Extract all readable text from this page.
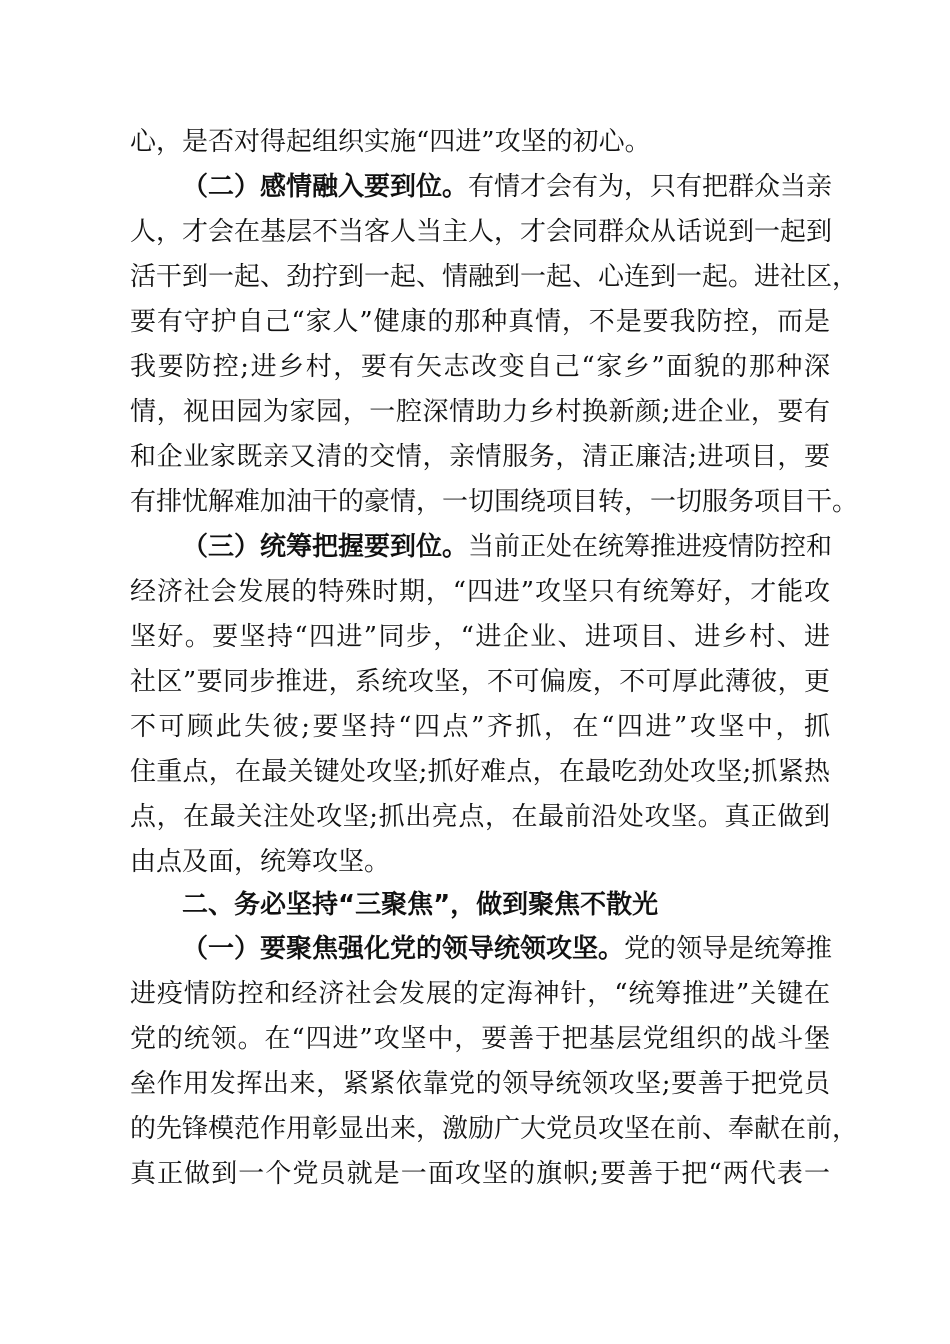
心，是否对得起组织实施“四进”攻坚的初心。
（二）感情融入要到位。有情才会有为，只有把群众当亲
人，才会在基层不当客人当主人，才会同群众从话说到一起到
活干到一起、劲拧到一起、情融到一起、心连到一起。进社区，
要有守护自己“家人”健康的那种真情，不是要我防控，而是
我要防控;进乡村，要有矢志改变自己“家乡”面貌的那种深
情，视田园为家园，一腔深情助力乡村换新颜;进企业，要有
和企业家既亲又清的交情，亲情服务，清正廉洁;进项目，要
有排忧解难加油干的豪情，一切围绕项目转，一切服务项目干。
（三）统筹把握要到位。当前正处在统筹推进疫情防控和
经济社会发展的特殊时期，“四进”攻坚只有统筹好，才能攻
坚好。要坚持“四进”同步，“进企业、进项目、进乡村、进
社区”要同步推进，系统攻坚，不可偏废，不可厚此薄彼，更
不可顾此失彼;要坚持“四点”齐抓，在“四进”攻坚中，抓
住重点，在最关键处攻坚;抓好难点，在最吃劲处攻坚;抓紧热
点，在最关注处攻坚;抓出亮点，在最前沿处攻坚。真正做到
由点及面，统筹攻坚。
二、务必坚持“三聚焦”，做到聚焦不散光
（一）要聚焦强化党的领导统领攻坚。党的领导是统筹推
进疫情防控和经济社会发展的定海神针，“统筹推进”关键在
党的统领。在“四进”攻坚中，要善于把基层党组织的战斗堡
垒作用发挥出来，紧紧依靠党的领导统领攻坚;要善于把党员
的先锋模范作用彰显出来，激励广大党员攻坚在前、奉献在前，
真正做到一个党员就是一面攻坚的旗帜;要善于把“两代表一
